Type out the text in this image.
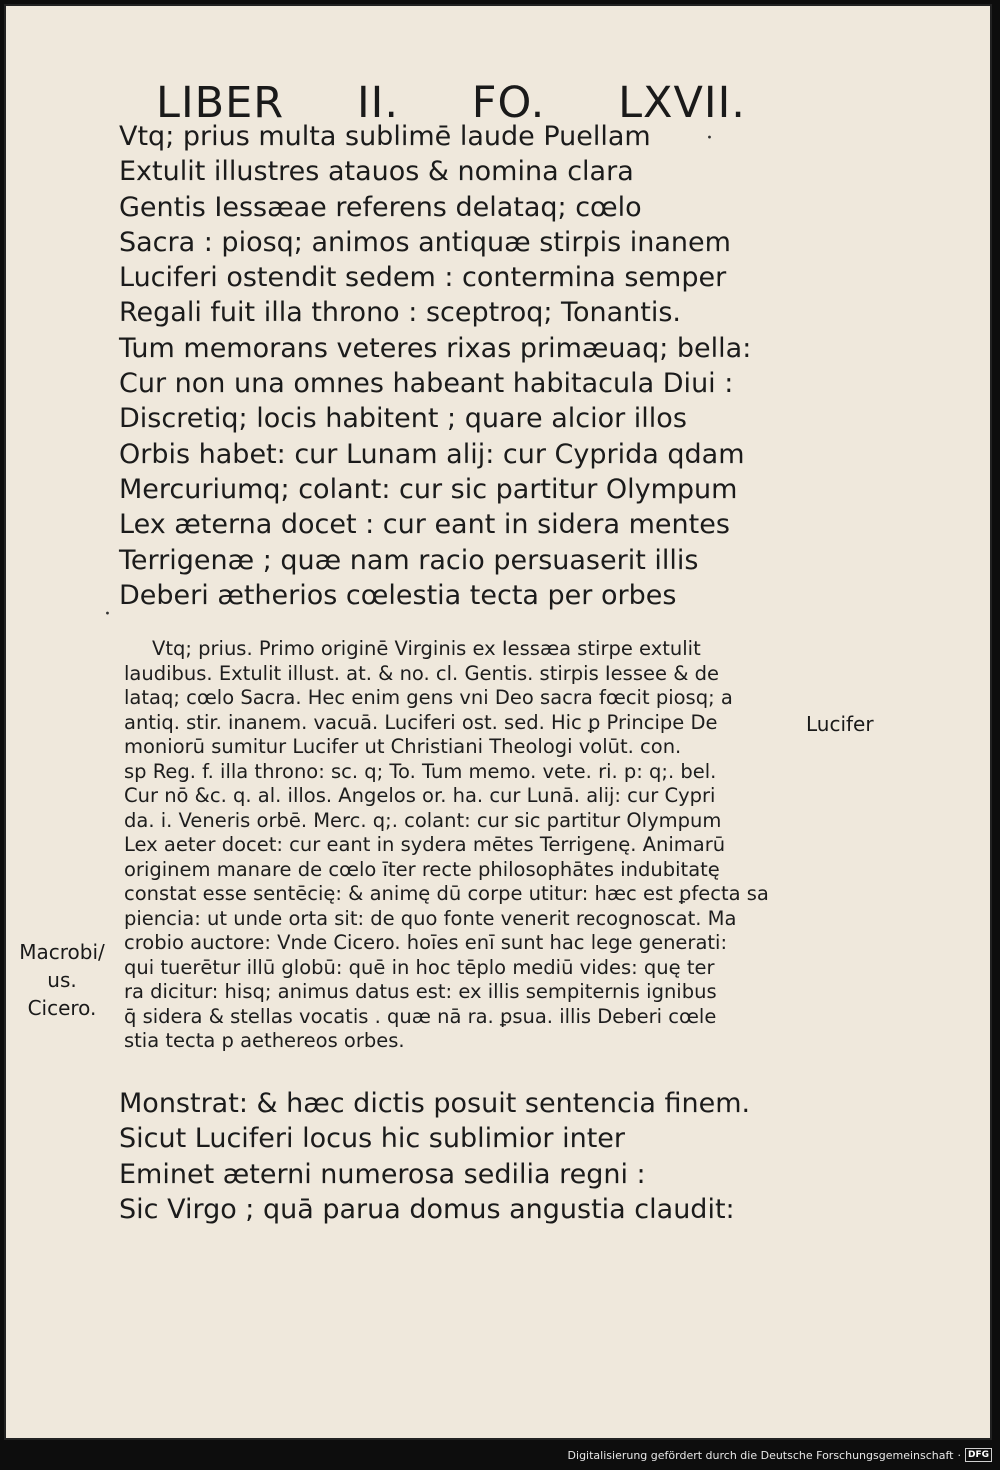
LIBER II. FO. LXVII.
·
·
Vtq; prius multa sublimē laude Puellam
Extulit illustres atauos & nomina clara
Gentis Iessæae referens delataq; cœlo
Sacra : piosq; animos antiquæ stirpis inanem
Luciferi ostendit sedem : contermina semper
Regali fuit illa throno : sceptroq; Tonantis.
Tum memorans veteres rixas primæuaq; bella:
Cur non una omnes habeant habitacula Diui :
Discretiq; locis habitent ; quare alcior illos
Orbis habet: cur Lunam alij: cur Cyprida qdam
Mercuriumq; colant: cur sic partitur Olympum
Lex æterna docet : cur eant in sidera mentes
Terrigenæ ; quæ nam racio persuaserit illis
Deberi ætherios cœlestia tecta per orbes
Vtq; prius. Primo originē Virginis ex Iessæa stirpe extulit
laudibus. Extulit illust. at. & no. cl. Gentis. stirpis Iessee & de
lataq; cœlo Sacra. Hec enim gens vni Deo sacra fœcit piosq; a
antiq. stir. inanem. vacuā. Luciferi ost. sed. Hic ꝑ Principe De
moniorū sumitur Lucifer ut Christiani Theologi volūt. con.
sp Reg. f. illa throno: sc. q; To. Tum memo. vete. ri. p: q;. bel.
Cur nō &c. q. al. illos. Angelos or. ha. cur Lunā. alij: cur Cypri
da. i. Veneris orbē. Merc. q;. colant: cur sic partitur Olympum
Lex aeter docet: cur eant in sydera mētes Terrigenę. Animarū
originem manare de cœlo īter recte philosophātes indubitatę
constat esse sentēcię: & animę dū corpe utitur: hæc est ꝑfecta sa
piencia: ut unde orta sit: de quo fonte venerit recognoscat. Ma
crobio auctore: Vnde Cicero. hoīes enī sunt hac lege generati:
qui tuerētur illū globū: quē in hoc tēplo mediū vides: quę ter
ra dicitur: hisq; animus datus est: ex illis sempiternis ignibus
q̄ sidera & stellas vocatis . quæ nā ra. ꝑsua. illis Deberi cœle
stia tecta p aethereos orbes.
Monstrat: & hæc dictis posuit sentencia finem.
Sicut Luciferi locus hic sublimior inter
Eminet æterni numerosa sedilia regni :
Sic Virgo ; quā parua domus angustia claudit:
Lucifer
Macrobi/
us.
Cicero.
Digitalisierung gefördert durch die Deutsche Forschungsgemeinschaft · DFG
